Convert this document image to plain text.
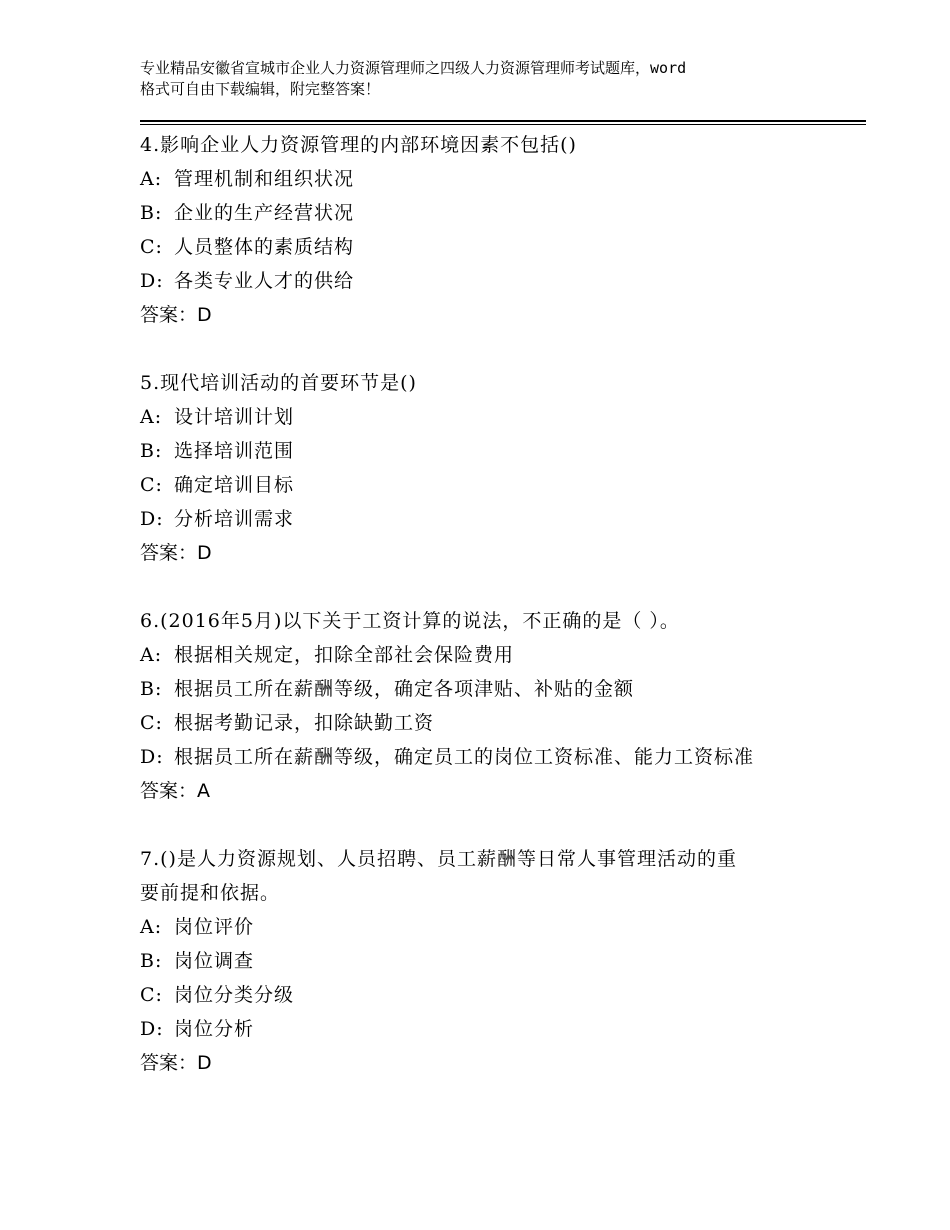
专业精品安徽省宣城市企业人力资源管理师之四级人力资源管理师考试题库，word
格式可自由下载编辑，附完整答案！
4.影响企业人力资源管理的内部环境因素不包括()
A: 管理机制和组织状况
B: 企业的生产经营状况
C: 人员整体的素质结构
D: 各类专业人才的供给
答案：D
5.现代培训活动的首要环节是()
A: 设计培训计划
B: 选择培训范围
C: 确定培训目标
D: 分析培训需求
答案：D
6.(2016年5月)以下关于工资计算的说法，不正确的是（ ）。
A: 根据相关规定，扣除全部社会保险费用
B: 根据员工所在薪酬等级，确定各项津贴、补贴的金额
C: 根据考勤记录，扣除缺勤工资
D: 根据员工所在薪酬等级，确定员工的岗位工资标准、能力工资标准
答案：A
7.()是人力资源规划、人员招聘、员工薪酬等日常人事管理活动的重
要前提和依据。
A: 岗位评价
B: 岗位调查
C: 岗位分类分级
D: 岗位分析
答案：D
